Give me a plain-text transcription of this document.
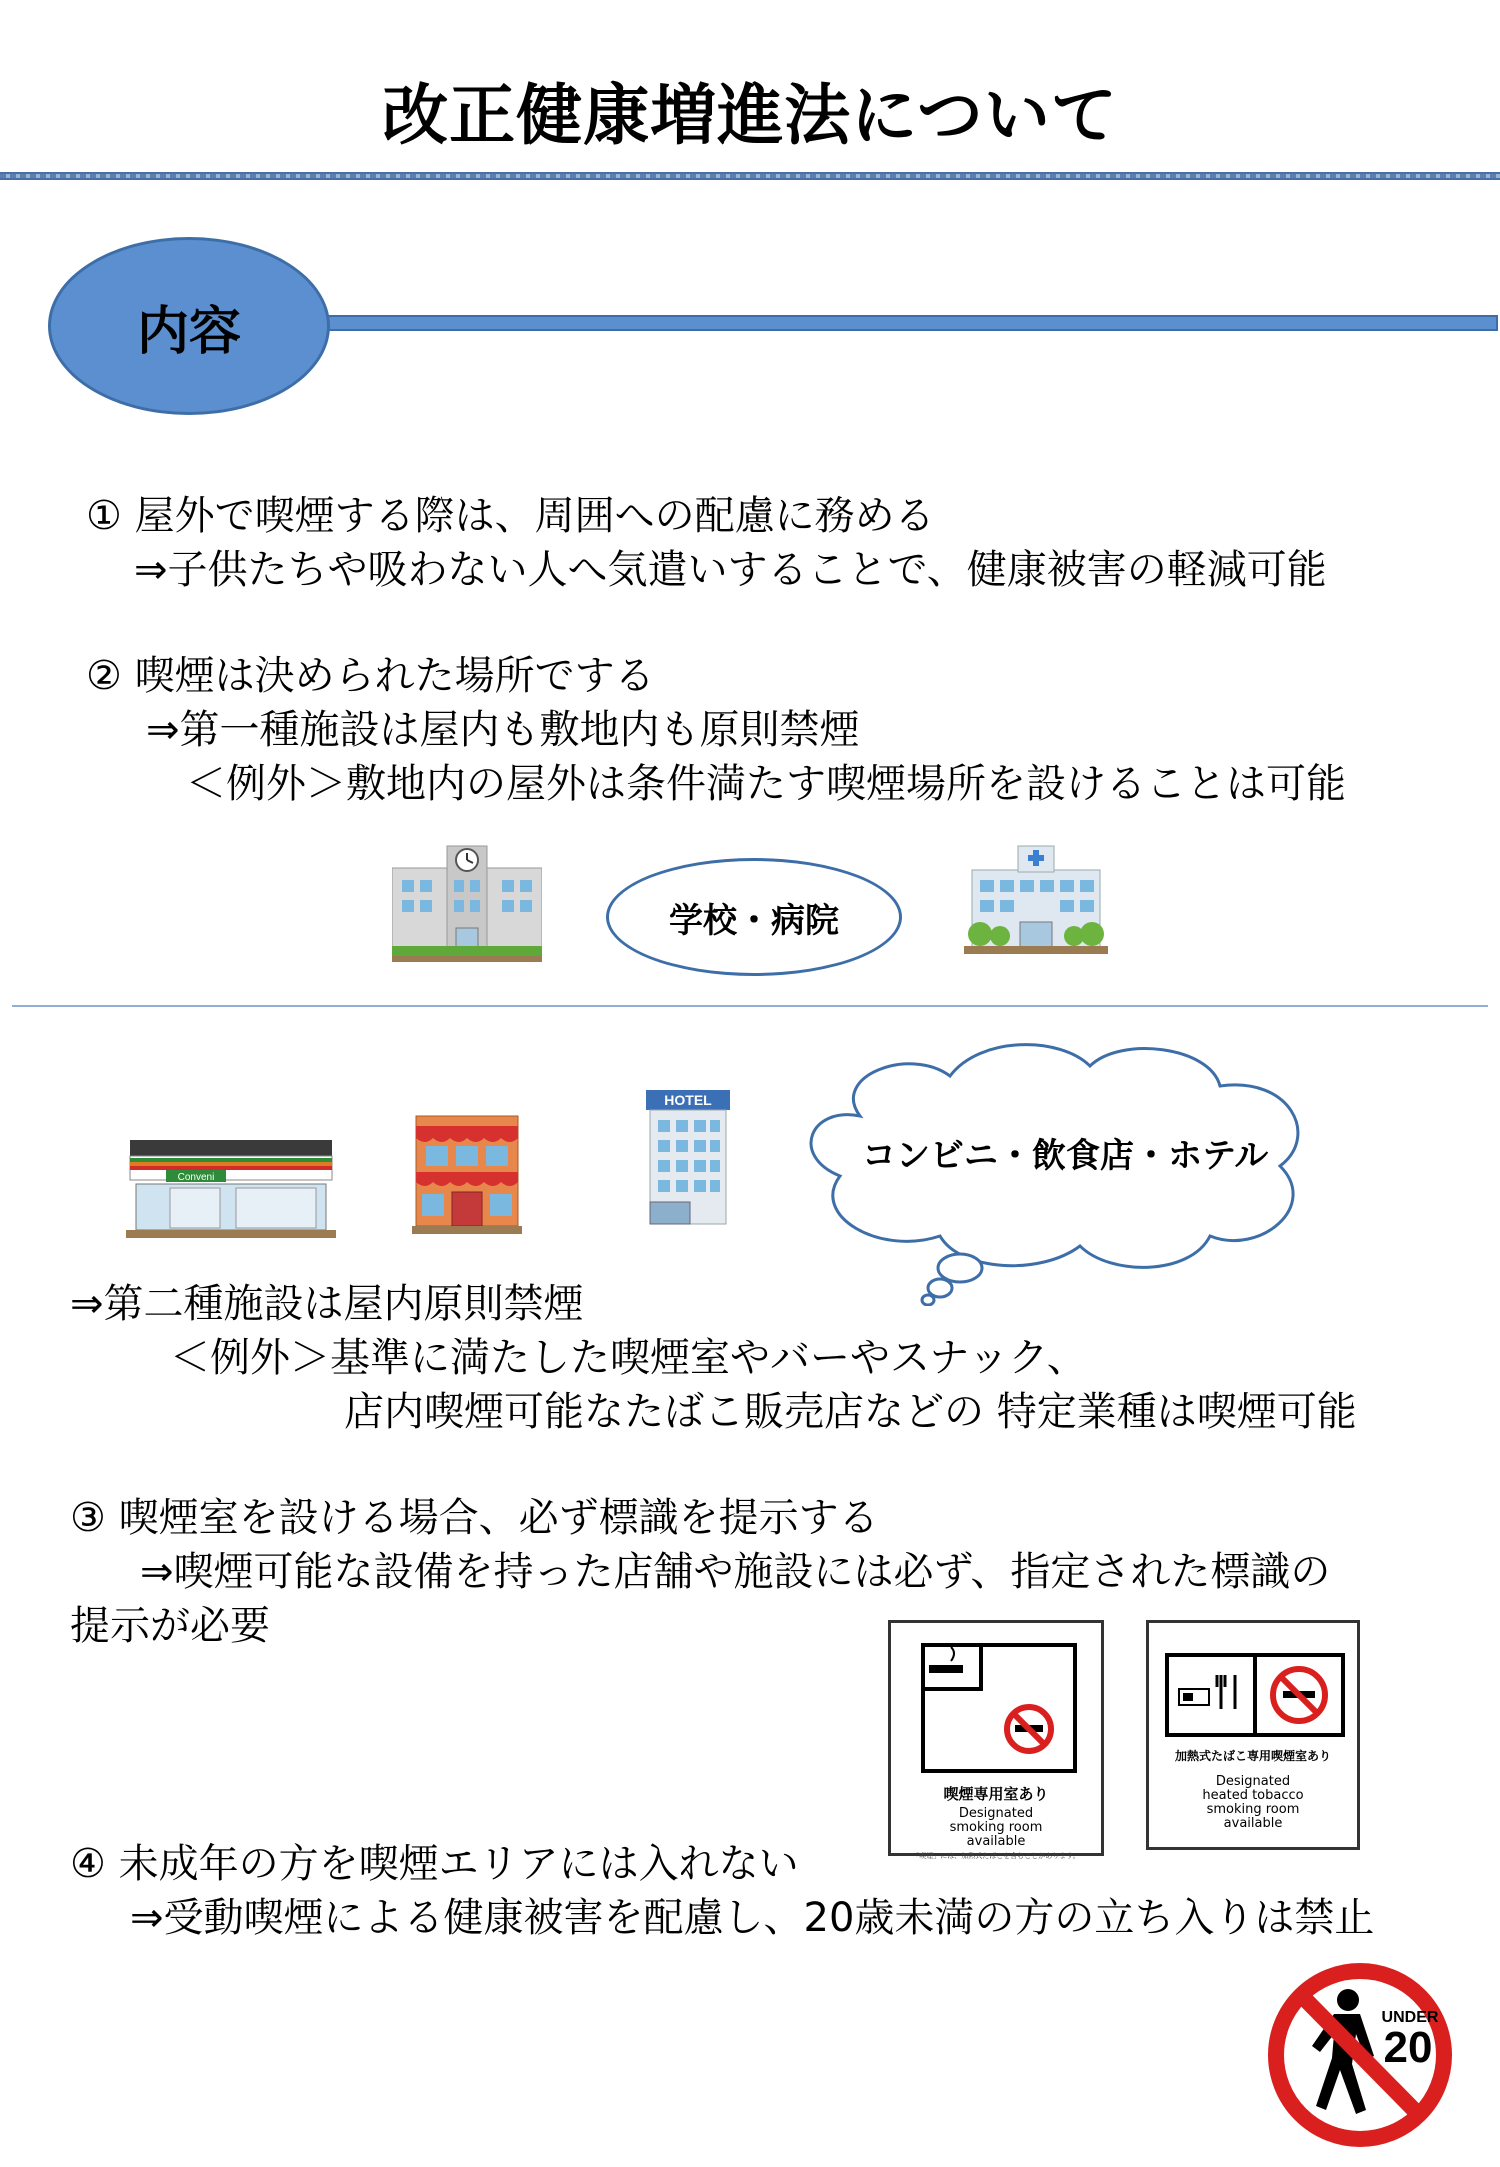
改正健康増進法について
内容
① 屋外で喫煙する際は、周囲への配慮に務める
⇒子供たちや吸わない人へ気遣いすることで、健康被害の軽減可能
② 喫煙は決められた場所でする
⇒第一種施設は屋内も敷地内も原則禁煙
＜例外＞敷地内の屋外は条件満たす喫煙場所を設けることは可能
学校・病院
Conveni
HOTEL
コンビニ・飲食店・ホテル
⇒第二種施設は屋内原則禁煙
＜例外＞基準に満たした喫煙室やバーやスナック、
店内喫煙可能なたばこ販売店などの 特定業種は喫煙可能
③ 喫煙室を設ける場合、必ず標識を提示する
⇒喫煙可能な設備を持った店舗や施設には必ず、指定された標識の
提示が必要
喫煙専用室あり
Designated
smoking room
available
「喫煙」には、加熱式たばこを含むことがあります。
加熱式たばこ専用喫煙室あり
Designated
heated tobacco
smoking room
available
④ 未成年の方を喫煙エリアには入れない
⇒受動喫煙による健康被害を配慮し、20歳未満の方の立ち入りは禁止
UNDER
20
